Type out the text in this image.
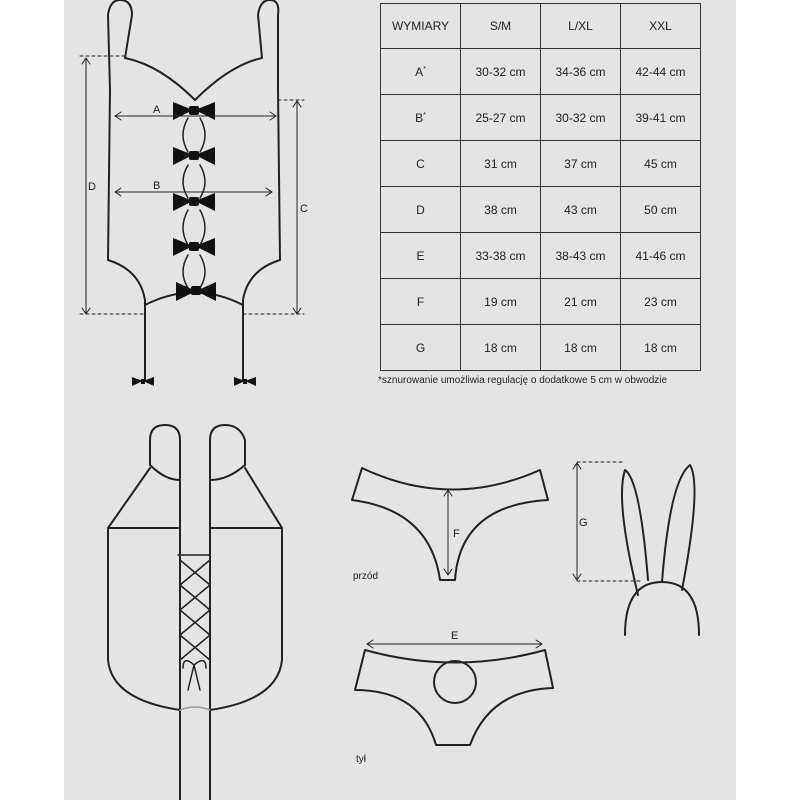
A
B
C
D
E
F
G
WYMIARY	S/M	L/XL	XXL
A*	30-32 cm	34-36 cm	42-44 cm
B*	25-27 cm	30-32 cm	39-41 cm
C	31 cm	37 cm	45 cm
D	38 cm	43 cm	50 cm
E	33-38 cm	38-43 cm	41-46 cm
F	19 cm	21 cm	23 cm
G	18 cm	18 cm	18 cm
*sznurowanie umożliwia regulację o dodatkowe 5 cm w obwodzie
przód
tył
